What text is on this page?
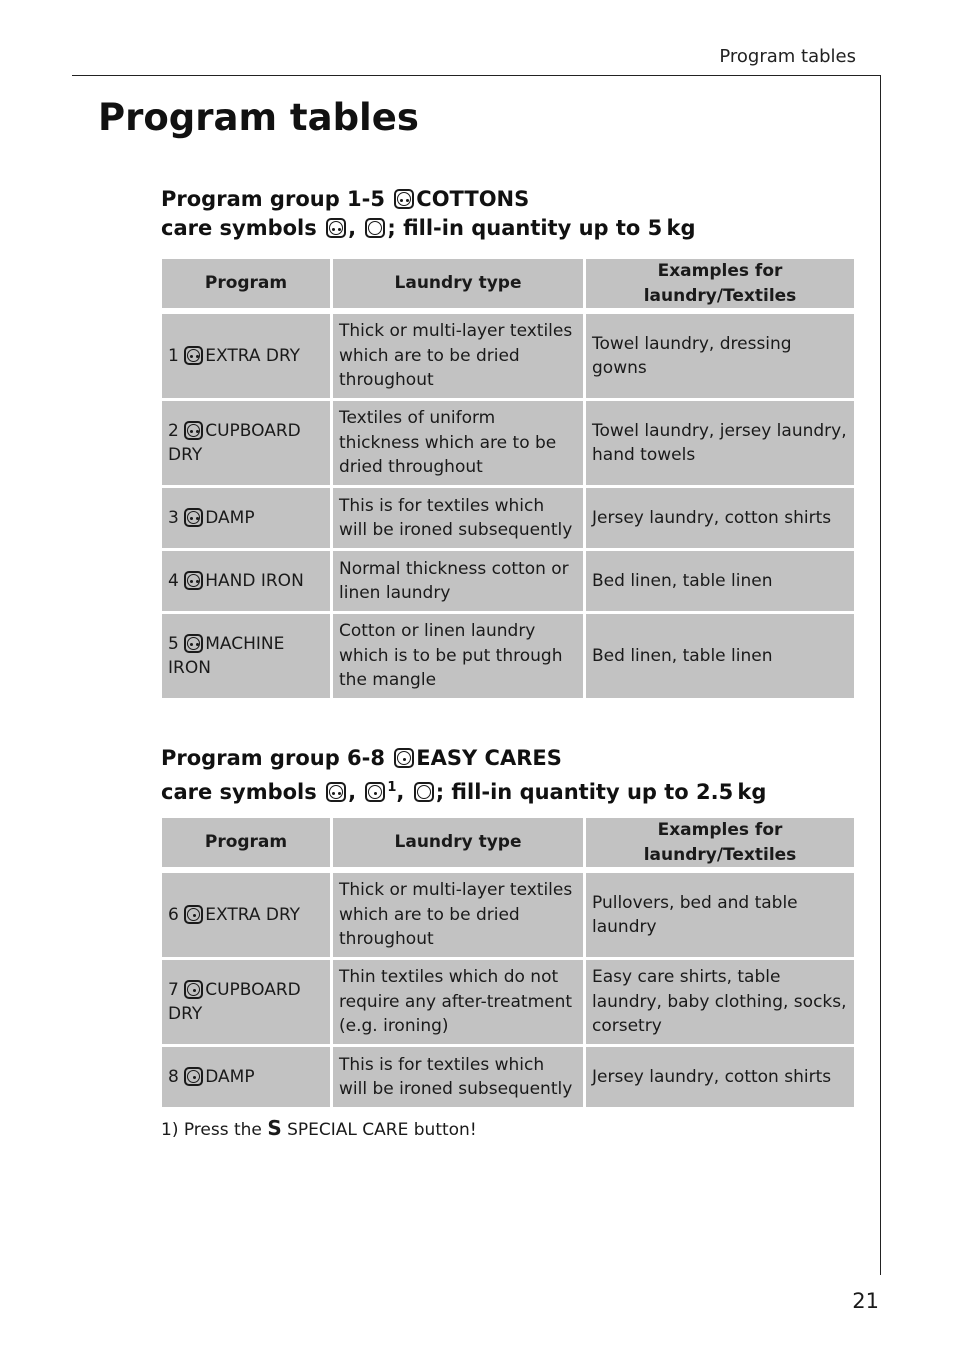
Program tables
Program tables
Program group 1-5 COTTONS
care symbols , ; fill-in quantity up to 5 kg
Program	Laundry type	Examples for laundry/Textiles

1 EXTRA DRY	Thick or multi-layer textiles which are to be dried throughout	Towel laundry, dressing gowns
2 CUPBOARD DRY	Textiles of uniform thickness which are to be dried throughout	Towel laundry, jersey laundry, hand towels
3 DAMP	This is for textiles which will be ironed subsequently	Jersey laundry, cotton shirts
4 HAND IRON	Normal thickness cotton or linen laundry	Bed linen, table linen
5 MACHINE IRON	Cotton or linen laundry which is to be put through the mangle	Bed linen, table linen
Program group 6-8 EASY CARES
care symbols , $^1$, ; fill-in quantity up to 2.5 kg
Program	Laundry type	Examples for laundry/Textiles

6 EXTRA DRY	Thick or multi-layer textiles which are to be dried throughout	Pullovers, bed and table laundry
7 CUPBOARD DRY	Thin textiles which do not require any after-treatment (e.g. ironing)	Easy care shirts, table laundry, baby clothing, socks, corsetry
8 DAMP	This is for textiles which will be ironed subsequently	Jersey laundry, cotton shirts
1) Press the S SPECIAL CARE button!
21
